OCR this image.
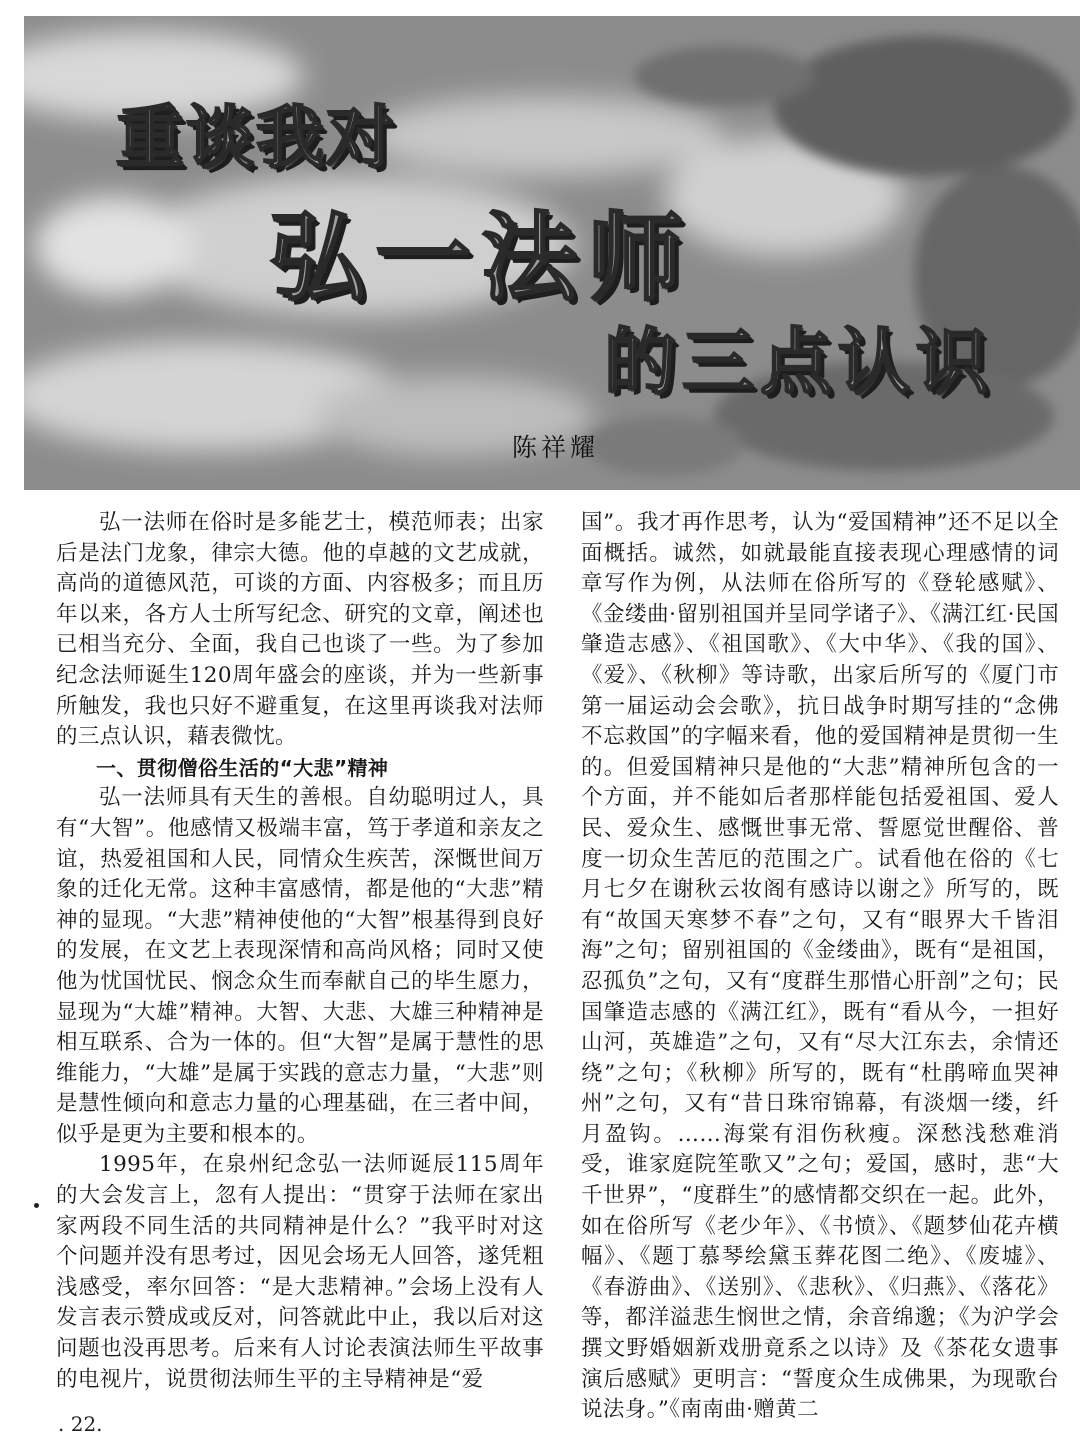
重谈我对
弘一法师
的三点认识

陈祥耀

弘一法师在俗时是多能艺士，模范师表；出家后是法门龙象，律宗大德。他的卓越的文艺成就，高尚的道德风范，可谈的方面、内容极多；而且历年以来，各方人士所写纪念、研究的文章，阐述也已相当充分、全面，我自己也谈了一些。为了参加纪念法师诞生120周年盛会的座谈，并为一些新事所触发，我也只好不避重复，在这里再谈我对法师的三点认识，藉表微忱。

一、贯彻僧俗生活的“大悲”精神

弘一法师具有天生的善根。自幼聪明过人，具有“大智”。他感情又极端丰富，笃于孝道和亲友之谊，热爱祖国和人民，同情众生疾苦，深慨世间万象的迁化无常。这种丰富感情，都是他的“大悲”精神的显现。“大悲”精神使他的“大智”根基得到良好的发展，在文艺上表现深情和高尚风格；同时又使他为忧国忧民、悯念众生而奉献自己的毕生愿力，显现为“大雄”精神。大智、大悲、大雄三种精神是相互联系、合为一体的。但“大智”是属于慧性的思维能力，“大雄”是属于实践的意志力量，“大悲”则是慧性倾向和意志力量的心理基础，在三者中间，似乎是更为主要和根本的。

1995年，在泉州纪念弘一法师诞辰115周年的大会发言上，忽有人提出：“贯穿于法师在家出家两段不同生活的共同精神是什么？”我平时对这个问题并没有思考过，因见会场无人回答，遂凭粗浅感受，率尔回答：“是大悲精神。”会场上没有人发言表示赞成或反对，问答就此中止，我以后对这问题也没再思考。后来有人讨论表演法师生平故事的电视片，说贯彻法师生平的主导精神是“爱

国”。我才再作思考，认为“爱国精神”还不足以全面概括。诚然，如就最能直接表现心理感情的词章写作为例，从法师在俗所写的《登轮感赋》、《金缕曲·留别祖国并呈同学诸子》、《满江红·民国肇造志感》、《祖国歌》、《大中华》、《我的国》、《爱》、《秋柳》等诗歌，出家后所写的《厦门市第一届运动会会歌》，抗日战争时期写挂的“念佛不忘救国”的字幅来看，他的爱国精神是贯彻一生的。但爱国精神只是他的“大悲”精神所包含的一个方面，并不能如后者那样能包括爱祖国、爱人民、爱众生、感慨世事无常、誓愿觉世醒俗、普度一切众生苦厄的范围之广。试看他在俗的《七月七夕在谢秋云妆阁有感诗以谢之》所写的，既有“故国天寒梦不春”之句，又有“眼界大千皆泪海”之句；留别祖国的《金缕曲》，既有“是祖国，忍孤负”之句，又有“度群生那惜心肝剖”之句；民国肇造志感的《满江红》，既有“看从今，一担好山河，英雄造”之句，又有“尽大江东去，余情还绕”之句；《秋柳》所写的，既有“杜鹃啼血哭神州”之句，又有“昔日珠帘锦幕，有淡烟一缕，纤月盈钩。……海棠有泪伤秋瘦。深愁浅愁难消受，谁家庭院笙歌又”之句；爱国，感时，悲“大千世界”，“度群生”的感情都交织在一起。此外，如在俗所写《老少年》、《书愤》、《题梦仙花卉横幅》、《题丁慕琴绘黛玉葬花图二绝》、《废墟》、《春游曲》、《送别》、《悲秋》、《归燕》、《落花》等，都洋溢悲生悯世之情，余音绵邈；《为沪学会撰文野婚姻新戏册竟系之以诗》及《茶花女遗事演后感赋》更明言：“誓度众生成佛果，为现歌台说法身。”《南南曲·赠黄二

. 22.
